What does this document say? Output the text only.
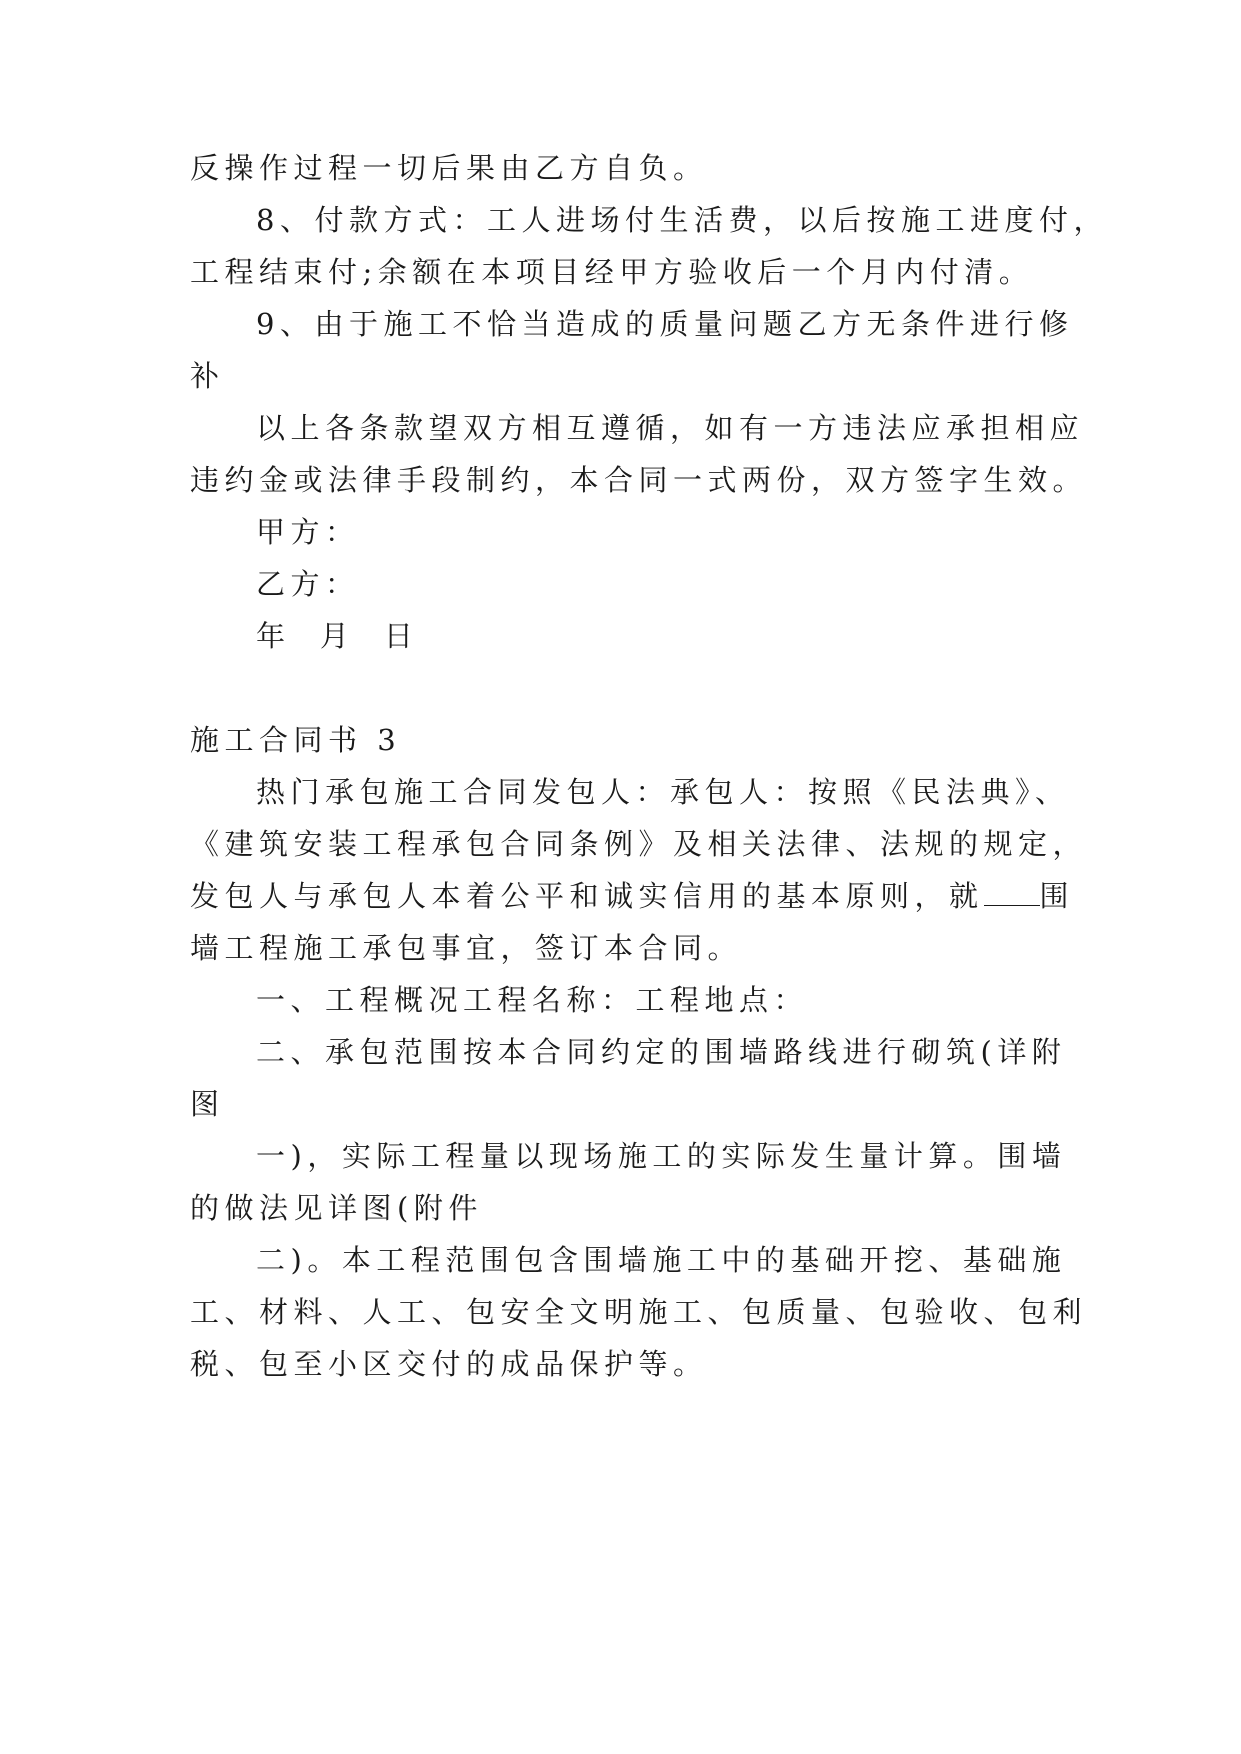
反操作过程一切后果由乙方自负。
8、付款方式：工人进场付生活费，以后按施工进度付，
工程结束付;余额在本项目经甲方验收后一个月内付清。
9、由于施工不恰当造成的质量问题乙方无条件进行修
补
以上各条款望双方相互遵循，如有一方违法应承担相应
违约金或法律手段制约，本合同一式两份，双方签字生效。
甲方：
乙方：
年  月  日
施工合同书 3
热门承包施工合同发包人：承包人：按照《民法典》、
《建筑安装工程承包合同条例》及相关法律、法规的规定，
发包人与承包人本着公平和诚实信用的基本原则，就 围
墙工程施工承包事宜，签订本合同。
一、工程概况工程名称：工程地点：
二、承包范围按本合同约定的围墙路线进行砌筑(详附
图
一)，实际工程量以现场施工的实际发生量计算。围墙
的做法见详图(附件
二)。本工程范围包含围墙施工中的基础开挖、基础施
工、材料、人工、包安全文明施工、包质量、包验收、包利
税、包至小区交付的成品保护等。
